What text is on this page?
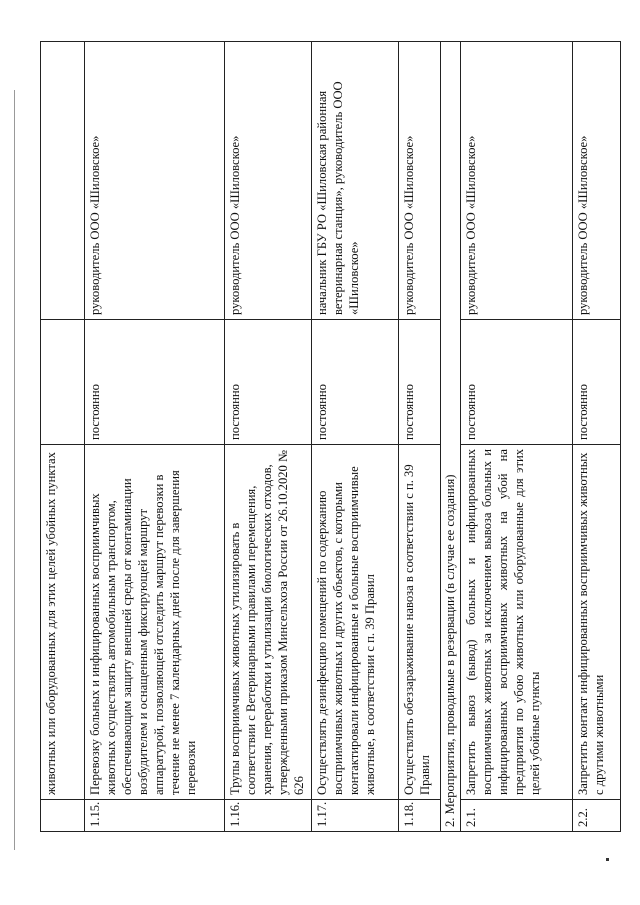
	животных или оборудованных для этих целей убойных пунктах		
1.15.	Перевозку больных и инфицированных восприимчивых животных осуществлять автомобильным транспортом, обеспечивающим защиту внешней среды от контаминации возбудителем и оснащенным фиксирующей маршрут аппаратурой, позволяющей отследить маршрут перевозки в течение не менее 7 календарных дней после для завершения перевозки	постоянно	руководитель ООО «Шиловское»
1.16.	Трупы восприимчивых животных утилизировать в соответствии с Ветеринарными правилами перемещения, хранения, переработки и утилизации биологических отходов, утвержденными приказом Минсельхоза России от 26.10.2020 № 626	постоянно	руководитель ООО «Шиловское»
1.17.	Осуществлять дезинфекцию помещений по содержанию восприимчивых животных и других объектов, с которыми контактировали инфицированные и больные восприимчивые животные, в соответствии с п. 39 Правил	постоянно	начальник ГБУ РО «Шиловская районная ветеринарная станция», руководитель ООО «Шиловское»
1.18.	Осуществлять обеззараживание навоза в соответствии с п. 39 Правил	постоянно	руководитель ООО «Шиловское»
2. Мероприятия, проводимые в резервации (в случае ее создания)			
2.1.	Запретить вывоз (вывод) больных и инфицированных восприимчивых животных за исключением вывоза больных и инфицированных восприимчивых животных на убой на предприятия по убою животных или оборудованные для этих целей убойные пункты	постоянно	руководитель ООО «Шиловское»
2.2.	Запретить контакт инфицированных восприимчивых животных с другими животными	постоянно	руководитель ООО «Шиловское»
